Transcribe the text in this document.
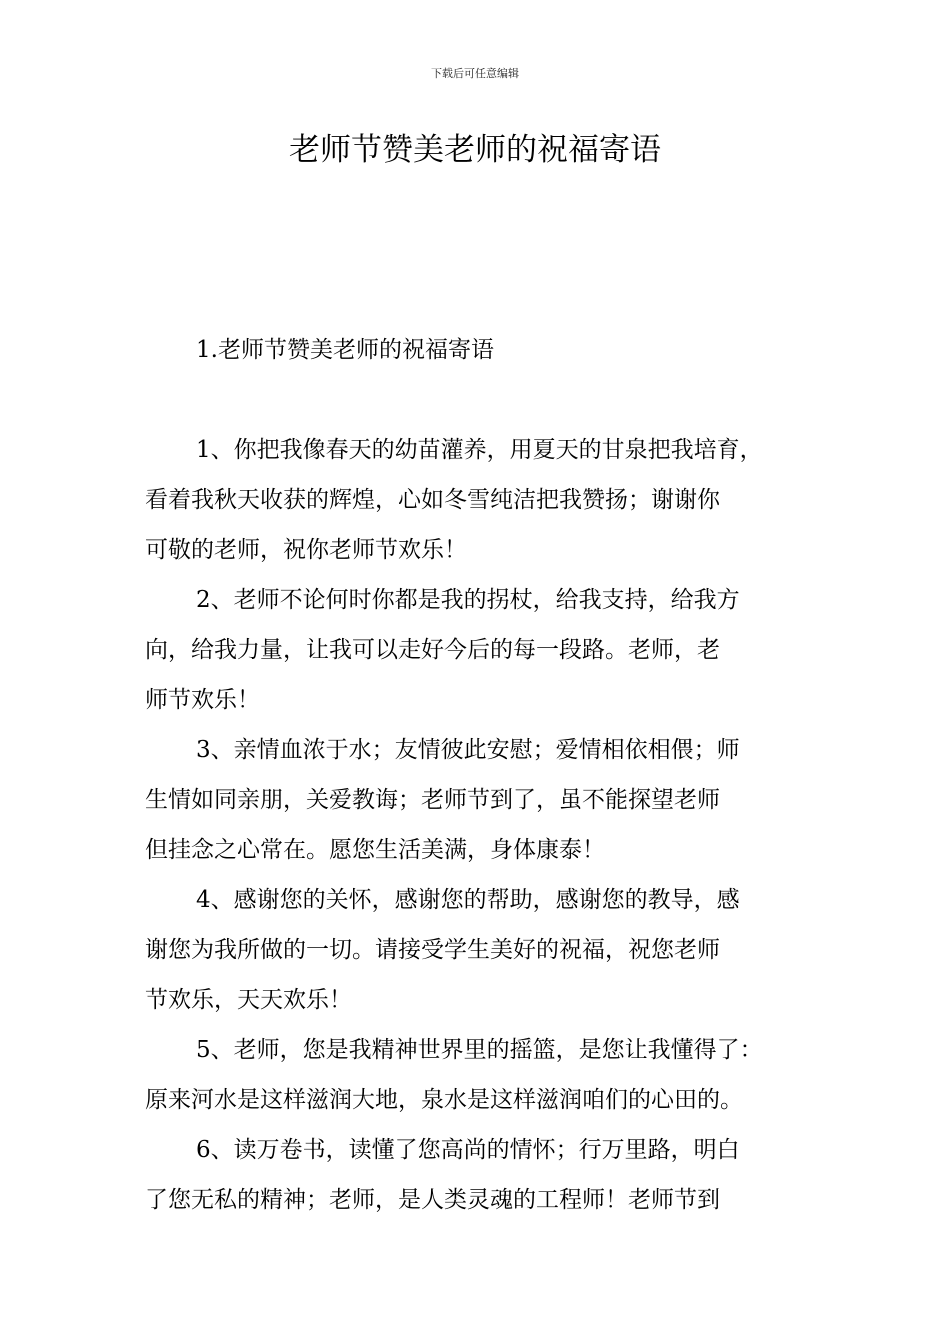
下载后可任意编辑
老师节赞美老师的祝福寄语
1.老师节赞美老师的祝福寄语
1、你把我像春天的幼苗灌养，用夏天的甘泉把我培育，
看着我秋天收获的辉煌，心如冬雪纯洁把我赞扬；谢谢你
可敬的老师，祝你老师节欢乐！
2、老师不论何时你都是我的拐杖，给我支持，给我方
向，给我力量，让我可以走好今后的每一段路。老师，老
师节欢乐！
3、亲情血浓于水；友情彼此安慰；爱情相依相偎；师
生情如同亲朋，关爱教诲；老师节到了，虽不能探望老师
但挂念之心常在。愿您生活美满，身体康泰！
4、感谢您的关怀，感谢您的帮助，感谢您的教导，感
谢您为我所做的一切。请接受学生美好的祝福，祝您老师
节欢乐，天天欢乐！
5、老师，您是我精神世界里的摇篮，是您让我懂得了：
原来河水是这样滋润大地，泉水是这样滋润咱们的心田的。
6、读万卷书，读懂了您高尚的情怀；行万里路，明白
了您无私的精神；老师，是人类灵魂的工程师！老师节到
